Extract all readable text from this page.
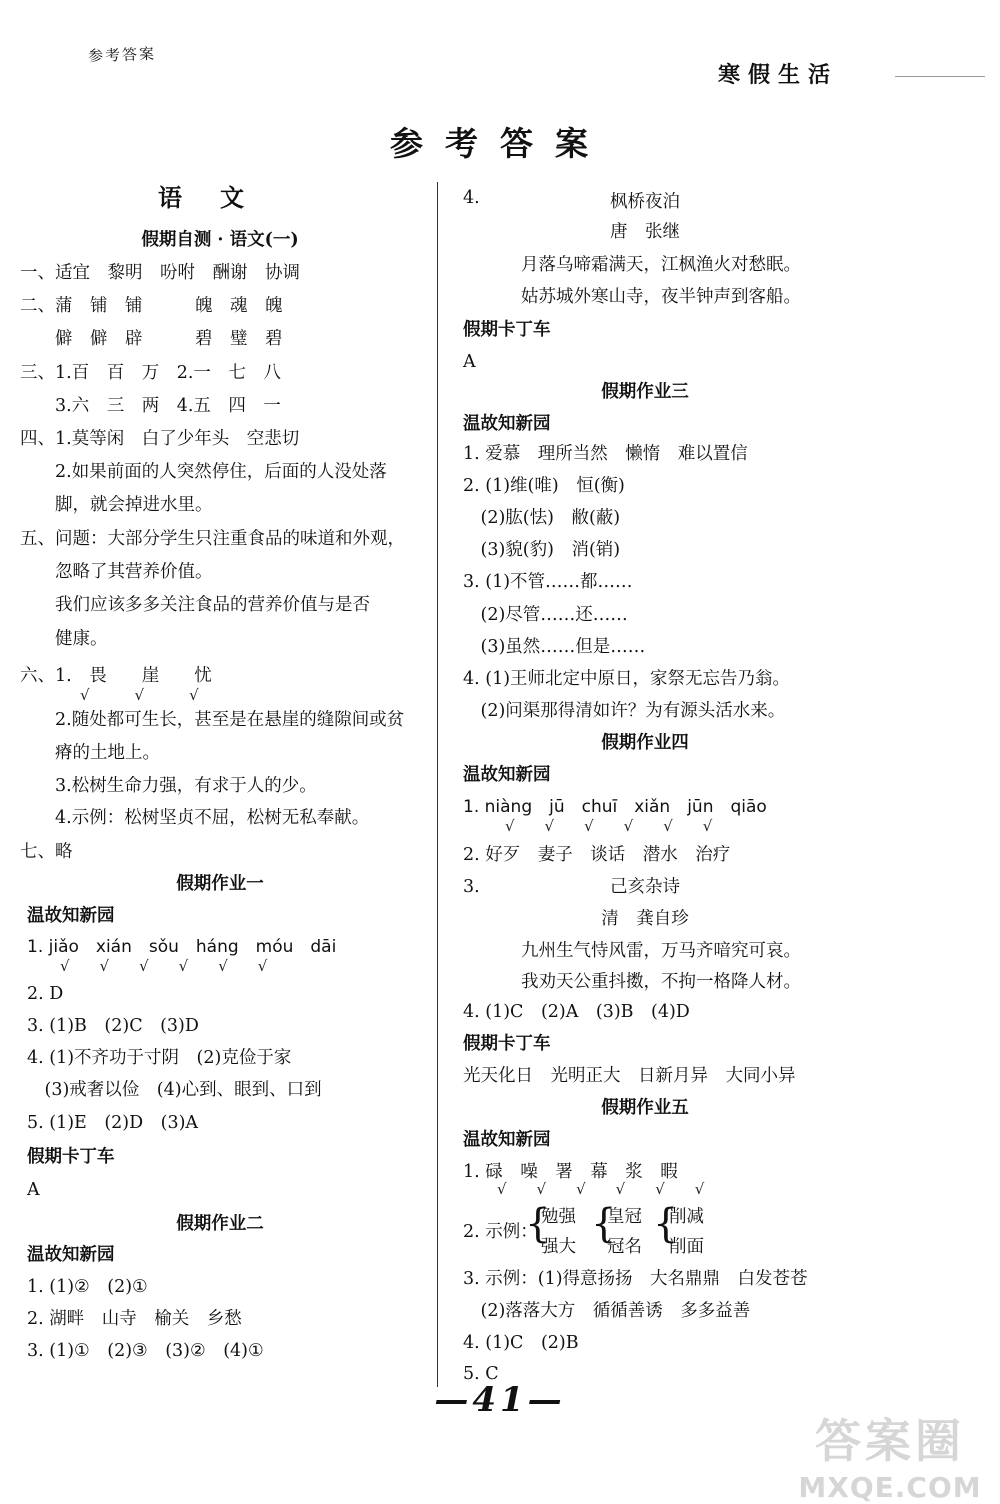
参考答案
寒假生活
参考答案
语文
假期自测 · 语文(一)
一、适宜　黎明　吩咐　酬谢　协调
二、蒲　铺　铺　　　魄　魂　魄
　　僻　僻　辟　　　碧　璧　碧
三、1.百　百　万　2.一　七　八
　　3.六　三　两　4.五　四　一
四、1.莫等闲　白了少年头　空悲切
　　2.如果前面的人突然停住，后面的人没处落
　　脚，就会掉进水里。
五、问题：大部分学生只注重食品的味道和外观，
　　忽略了其营养价值。
　　我们应该多多关注食品的营养价值与是否
　　健康。
六、1.　畏　　崖　　忧
√　　　√　　　√
　　2.随处都可生长，甚至是在悬崖的缝隙间或贫
　　瘠的土地上。
　　3.松树生命力强，有求于人的少。
　　4.示例：松树坚贞不屈，松树无私奉献。
七、略
假期作业一
温故知新园
1. jiǎo　xián　sǒu　háng　móu　dāi
√　　√　　√　　√　　√　　√
2. D
3. (1)B　(2)C　(3)D
4. (1)不齐功于寸阴　(2)克俭于家
　(3)戒奢以俭　(4)心到、眼到、口到
5. (1)E　(2)D　(3)A
假期卡丁车
A
假期作业二
温故知新园
1. (1)②　(2)①
2. 湖畔　山寺　榆关　乡愁
3. (1)①　(2)③　(3)②　(4)①
4.	枫桥夜泊
唐　张继
月落乌啼霜满天，江枫渔火对愁眠。
姑苏城外寒山寺，夜半钟声到客船。
假期卡丁车
A
假期作业三
温故知新园
1. 爱慕　理所当然　懒惰　难以置信
2. (1)维(唯)　恒(衡)
　(2)肱(怯)　敝(蔽)
　(3)貌(豹)　消(销)
3. (1)不管……都……
　(2)尽管……还……
　(3)虽然……但是……
4. (1)王师北定中原日，家祭无忘告乃翁。
　(2)问渠那得清如许？为有源头活水来。
假期作业四
温故知新园
1. niàng　jū　chuī　xiǎn　jūn　qiāo
√　　√　　√　　√　　√　　√
2. 好歹　妻子　谈话　潜水　治疗
3.	己亥杂诗
清　龚自珍
九州生气恃风雷，万马齐喑究可哀。
我劝天公重抖擞，不拘一格降人材。
4. (1)C　(2)A　(3)B　(4)D
假期卡丁车
光天化日　光明正大　日新月异　大同小异
假期作业五
温故知新园
1. 碌　噪　署　幕　浆　暇
√　　√　　√　　√　　√　　√
2. 示例：
{
勉强
强大 {
皇冠
冠名 {
削减
削面
3. 示例：(1)得意扬扬　大名鼎鼎　白发苍苍
　(2)落落大方　循循善诱　多多益善
4. (1)C　(2)B
5. C
—41—
答案圈
MXQE.COM
